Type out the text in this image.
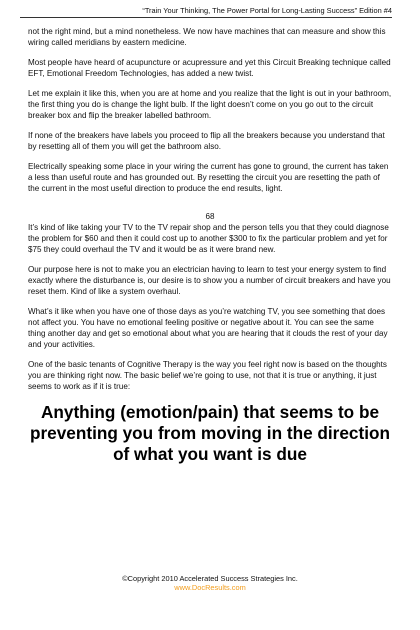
“Train Your Thinking, The Power Portal for Long-Lasting Success” Edition #4

not the right mind, but a mind nonetheless. We now have machines that can measure and show this wiring called meridians by eastern medicine.

Most people have heard of acupuncture or acupressure and yet this Circuit Breaking technique called EFT, Emotional Freedom Technologies, has added a new twist.

Let me explain it like this, when you are at home and you realize that the light is out in your bathroom, the first thing you do is change the light bulb. If the light doesn’t come on you go out to the circuit breaker box and flip the breaker labelled bathroom.

If none of the breakers have labels you proceed to flip all the breakers because you understand that by resetting all of them you will get the bathroom also.

Electrically speaking some place in your wiring the current has gone to ground, the current has taken a less than useful route and has grounded out. By resetting the circuit you are resetting the path of the current in the most useful direction to produce the end results, light.

68

It’s kind of like taking your TV to the TV repair shop and the person tells you that they could diagnose the problem for $60 and then it could cost up to another $300 to fix the particular problem and yet for $75 they could overhaul the TV and it would be as it were brand new.

Our purpose here is not to make you an electrician having to learn to test your energy system to find exactly where the disturbance is, our desire is to show you a number of circuit breakers and have you reset them. Kind of like a system overhaul.

What’s it like when you have one of those days as you’re watching TV, you see something that does not affect you. You have no emotional feeling positive or negative about it. You can see the same thing another day and get so emotional about what you are hearing that it clouds the rest of your day and your activities.

One of the basic tenants of Cognitive Therapy is the way you feel right now is based on the thoughts you are thinking right now. The basic belief we’re going to use, not that it is true or anything, it just seems to work as if it is true:

Anything (emotion/pain) that seems to be preventing you from moving in the direction of what you want is due
©Copyright 2010 Accelerated Success Strategies Inc.
www.DocResults.com
